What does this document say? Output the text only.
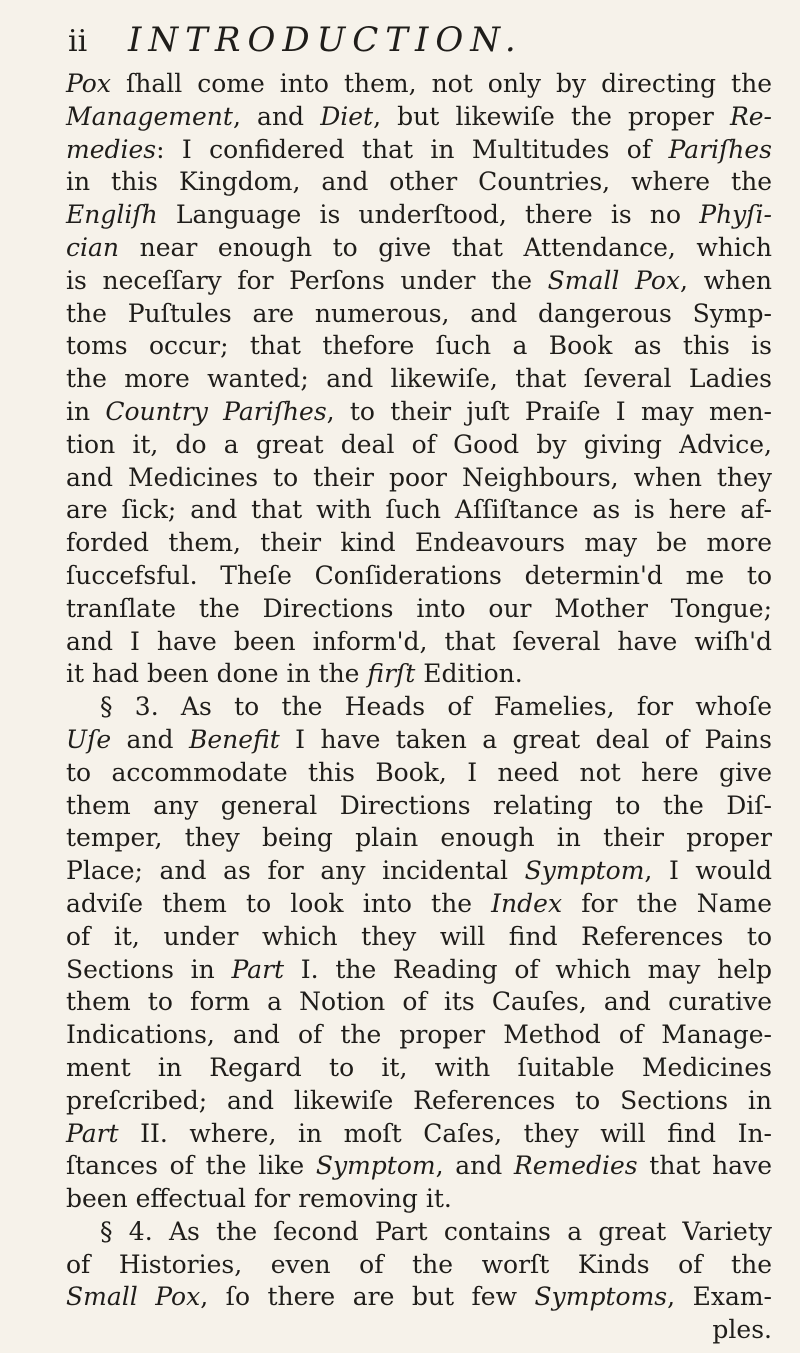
ii INTRODUCTION.
Pox ſhall come into them, not only by directing the
Management, and Diet, but likewiſe the proper Re-
medies: I confidered that in Multitudes of Pariſhes
in this Kingdom, and other Countries, where the
Engliſh Language is underſtood, there is no Phyſi-
cian near enough to give that Attendance, which
is neceſſary for Perſons under the Small Pox, when
the Puſtules are numerous, and dangerous Symp-
toms occur; that thefore ſuch a Book as this is
the more wanted; and likewiſe, that ſeveral Ladies
in Country Pariſhes, to their juſt Praiſe I may men-
tion it, do a great deal of Good by giving Advice,
and Medicines to their poor Neighbours, when they
are ſick; and that with ſuch Aſſiſtance as is here af-
forded them, their kind Endeavours may be more
ſuccefsful. Theſe Conſiderations determin'd me to
tranſlate the Directions into our Mother Tongue;
and I have been inform'd, that ſeveral have wiſh'd
it had been done in the firſt Edition.
§ 3. As to the Heads of Famelies, for whoſe
Uſe and Benefit I have taken a great deal of Pains
to accommodate this Book, I need not here give
them any general Directions relating to the Diſ-
temper, they being plain enough in their proper
Place; and as for any incidental Symptom, I would
adviſe them to look into the Index for the Name
of it, under which they will find References to
Sections in Part I. the Reading of which may help
them to form a Notion of its Cauſes, and curative
Indications, and of the proper Method of Manage-
ment in Regard to it, with ſuitable Medicines
preſcribed; and likewiſe References to Sections in
Part II. where, in moſt Caſes, they will find In-
ſtances of the like Symptom, and Remedies that have
been effectual for removing it.
§ 4. As the ſecond Part contains a great Variety
of Histories, even of the worſt Kinds of the
Small Pox, ſo there are but few Symptoms, Exam-
ples.
